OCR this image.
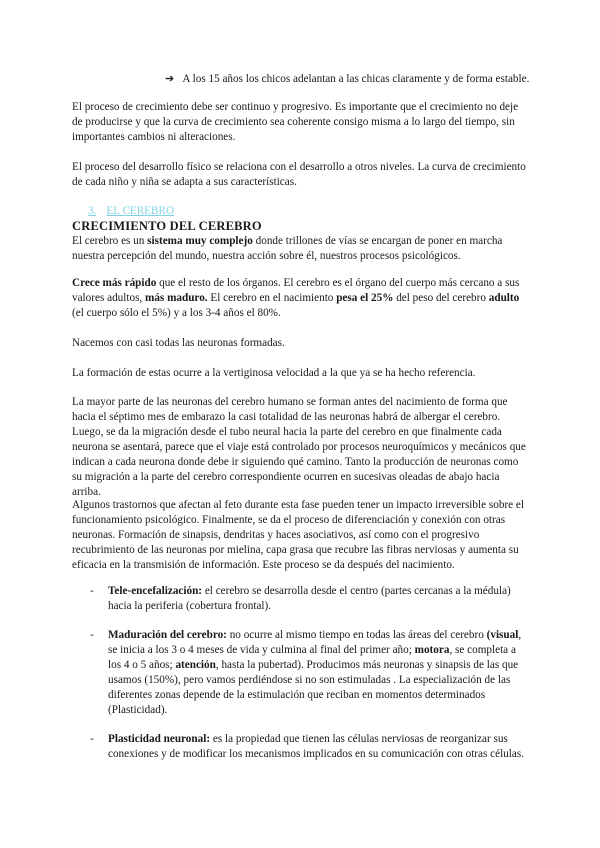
➔ A los 15 años los chicos adelantan a las chicas claramente y de forma estable.
El proceso de crecimiento debe ser continuo y progresivo. Es importante que el crecimiento no deje
de producirse y que la curva de crecimiento sea coherente consigo misma a lo largo del tiempo, sin
importantes cambios ni alteraciones.
El proceso del desarrollo físico se relaciona con el desarrollo a otros niveles. La curva de crecimiento
de cada niño y niña se adapta a sus características.
3. EL CEREBRO
CRECIMIENTO DEL CEREBRO
El cerebro es un sistema muy complejo donde trillones de vías se encargan de poner en marcha
nuestra percepción del mundo, nuestra acción sobre él, nuestros procesos psicológicos.
Crece más rápido que el resto de los órganos. El cerebro es el órgano del cuerpo más cercano a sus
valores adultos, más maduro. El cerebro en el nacimiento pesa el 25% del peso del cerebro adulto
(el cuerpo sólo el 5%) y a los 3-4 años el 80%.
Nacemos con casi todas las neuronas formadas.
La formación de estas ocurre a la vertiginosa velocidad a la que ya se ha hecho referencia.
La mayor parte de las neuronas del cerebro humano se forman antes del nacimiento de forma que
hacia el séptimo mes de embarazo la casi totalidad de las neuronas habrá de albergar el cerebro.
Luego, se da la migración desde el tubo neural hacia la parte del cerebro en que finalmente cada
neurona se asentará, parece que el viaje está controlado por procesos neuroquímicos y mecánicos que
indican a cada neurona donde debe ir siguiendo qué camino. Tanto la producción de neuronas como
su migración a la parte del cerebro correspondiente ocurren en sucesivas oleadas de abajo hacia arriba.
Algunos trastornos que afectan al feto durante esta fase pueden tener un impacto irreversible sobre el
funcionamiento psicológico. Finalmente, se da el proceso de diferenciación y conexión con otras
neuronas. Formación de sinapsis, dendritas y haces asociativos, así como con el progresivo
recubrimiento de las neuronas por mielina, capa grasa que recubre las fibras nerviosas y aumenta su
eficacia en la transmisión de información. Este proceso se da después del nacimiento.
- Tele-encefalización: el cerebro se desarrolla desde el centro (partes cercanas a la médula)
hacia la periferia (cobertura frontal).
- Maduración del cerebro: no ocurre al mismo tiempo en todas las áreas del cerebro (visual,
se inicia a los 3 o 4 meses de vida y culmina al final del primer año; motora, se completa a
los 4 o 5 años; atención, hasta la pubertad). Producimos más neuronas y sinapsis de las que
usamos (150%), pero vamos perdiéndose si no son estimuladas . La especialización de las
diferentes zonas depende de la estimulación que reciban en momentos determinados
(Plasticidad).
- Plasticidad neuronal: es la propiedad que tienen las células nerviosas de reorganizar sus
conexiones y de modificar los mecanismos implicados en su comunicación con otras células.
